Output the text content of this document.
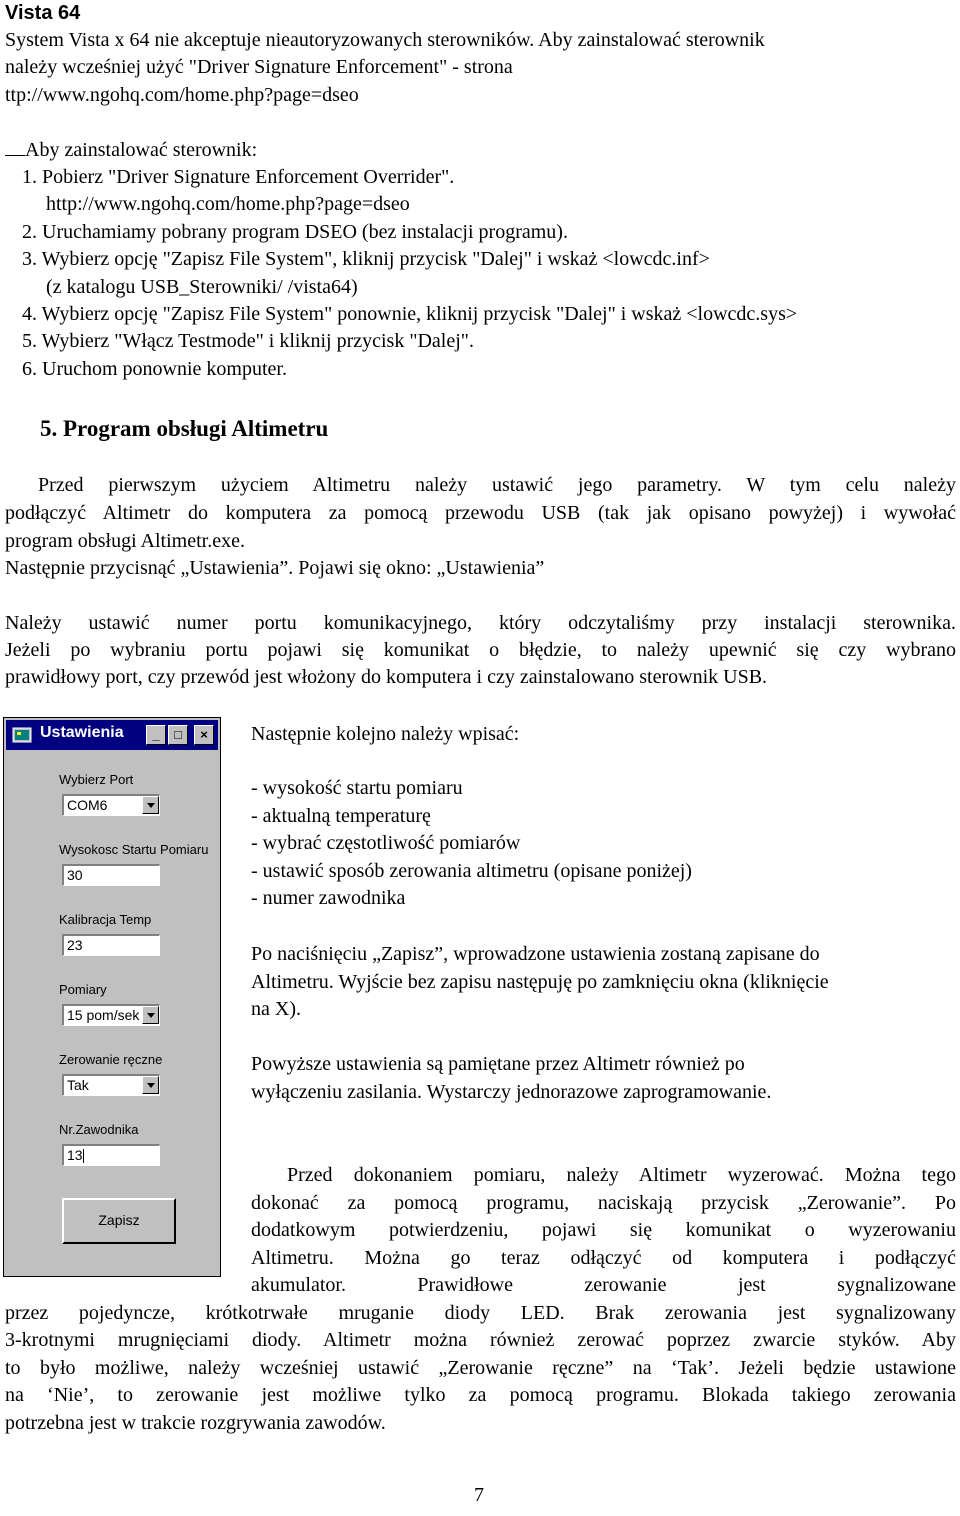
Vista 64
System Vista x 64 nie akceptuje nieautoryzowanych sterowników. Aby zainstalować sterownik
należy wcześniej użyć "Driver Signature Enforcement" - strona
ttp://www.ngohq.com/home.php?page=dseo
Aby zainstalować sterownik:
1. Pobierz "Driver Signature Enforcement Overrider".
http://www.ngohq.com/home.php?page=dseo
2. Uruchamiamy pobrany program DSEO (bez instalacji programu).
3. Wybierz opcję "Zapisz File System", kliknij przycisk "Dalej" i wskaż <lowcdc.inf>
(z katalogu USB_Sterowniki/ /vista64)
4. Wybierz opcję "Zapisz File System" ponownie, kliknij przycisk "Dalej" i wskaż <lowcdc.sys>
5. Wybierz "Włącz Testmode" i kliknij przycisk "Dalej".
6. Uruchom ponownie komputer.
5. Program obsługi Altimetru
Przed pierwszym użyciem Altimetru należy ustawić jego parametry. W tym celu należy
podłączyć Altimetr do komputera za pomocą przewodu USB (tak jak opisano powyżej) i wywołać
program obsługi Altimetr.exe.
Następnie przycisnąć „Ustawienia”. Pojawi się okno: „Ustawienia”
Należy ustawić numer portu komunikacyjnego, który odczytaliśmy przy instalacji sterownika.
Jeżeli po wybraniu portu pojawi się komunikat o błędzie, to należy upewnić się czy wybrano
prawidłowy port, czy przewód jest włożony do komputera i czy zainstalowano sterownik USB.
Ustawienia	_	□	×
Wybierz Port
COM6
Wysokosc Startu Pomiaru
30
Kalibracja Temp
23
Pomiary
15 pom/sek
Zerowanie ręczne
Tak
Nr.Zawodnika
13
Zapisz
Następnie kolejno należy wpisać:
- wysokość startu pomiaru
- aktualną temperaturę
- wybrać częstotliwość pomiarów
- ustawić sposób zerowania altimetru (opisane poniżej)
- numer zawodnika
Po naciśnięciu „Zapisz”, wprowadzone ustawienia zostaną zapisane do
Altimetru. Wyjście bez zapisu następuję po zamknięciu okna (kliknięcie
na X).
Powyższe ustawienia są pamiętane przez Altimetr również po
wyłączeniu zasilania. Wystarczy jednorazowe zaprogramowanie.
Przed dokonaniem pomiaru, należy Altimetr wyzerować. Można tego
dokonać za pomocą programu, naciskają przycisk „Zerowanie”. Po
dodatkowym potwierdzeniu, pojawi się komunikat o wyzerowaniu
Altimetru. Można go teraz odłączyć od komputera i podłączyć
akumulator. Prawidłowe zerowanie jest sygnalizowane
przez pojedyncze, krótkotrwałe mruganie diody LED. Brak zerowania jest sygnalizowany
3-krotnymi mrugnięciami diody. Altimetr można również zerować poprzez zwarcie styków. Aby
to było możliwe, należy wcześniej ustawić „Zerowanie ręczne” na ‘Tak’. Jeżeli będzie ustawione
na ‘Nie’, to zerowanie jest możliwe tylko za pomocą programu. Blokada takiego zerowania
potrzebna jest w trakcie rozgrywania zawodów.
7
